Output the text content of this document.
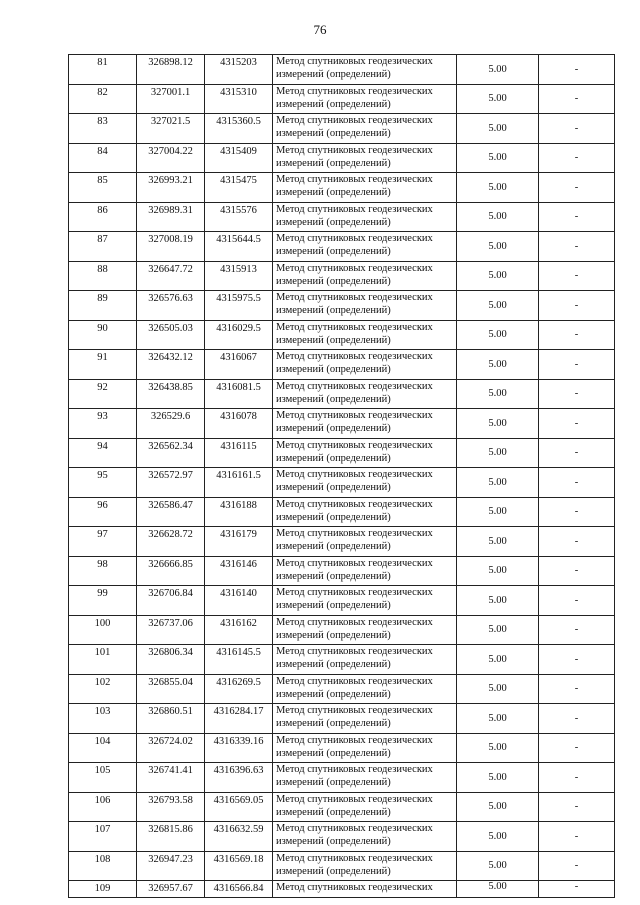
76
81	326898.12	4315203	Метод спутниковых геодезических
измерений (определений)	5.00	-
82	327001.1	4315310	Метод спутниковых геодезических
измерений (определений)	5.00	-
83	327021.5	4315360.5	Метод спутниковых геодезических
измерений (определений)	5.00	-
84	327004.22	4315409	Метод спутниковых геодезических
измерений (определений)	5.00	-
85	326993.21	4315475	Метод спутниковых геодезических
измерений (определений)	5.00	-
86	326989.31	4315576	Метод спутниковых геодезических
измерений (определений)	5.00	-
87	327008.19	4315644.5	Метод спутниковых геодезических
измерений (определений)	5.00	-
88	326647.72	4315913	Метод спутниковых геодезических
измерений (определений)	5.00	-
89	326576.63	4315975.5	Метод спутниковых геодезических
измерений (определений)	5.00	-
90	326505.03	4316029.5	Метод спутниковых геодезических
измерений (определений)	5.00	-
91	326432.12	4316067	Метод спутниковых геодезических
измерений (определений)	5.00	-
92	326438.85	4316081.5	Метод спутниковых геодезических
измерений (определений)	5.00	-
93	326529.6	4316078	Метод спутниковых геодезических
измерений (определений)	5.00	-
94	326562.34	4316115	Метод спутниковых геодезических
измерений (определений)	5.00	-
95	326572.97	4316161.5	Метод спутниковых геодезических
измерений (определений)	5.00	-
96	326586.47	4316188	Метод спутниковых геодезических
измерений (определений)	5.00	-
97	326628.72	4316179	Метод спутниковых геодезических
измерений (определений)	5.00	-
98	326666.85	4316146	Метод спутниковых геодезических
измерений (определений)	5.00	-
99	326706.84	4316140	Метод спутниковых геодезических
измерений (определений)	5.00	-
100	326737.06	4316162	Метод спутниковых геодезических
измерений (определений)	5.00	-
101	326806.34	4316145.5	Метод спутниковых геодезических
измерений (определений)	5.00	-
102	326855.04	4316269.5	Метод спутниковых геодезических
измерений (определений)	5.00	-
103	326860.51	4316284.17	Метод спутниковых геодезических
измерений (определений)	5.00	-
104	326724.02	4316339.16	Метод спутниковых геодезических
измерений (определений)	5.00	-
105	326741.41	4316396.63	Метод спутниковых геодезических
измерений (определений)	5.00	-
106	326793.58	4316569.05	Метод спутниковых геодезических
измерений (определений)	5.00	-
107	326815.86	4316632.59	Метод спутниковых геодезических
измерений (определений)	5.00	-
108	326947.23	4316569.18	Метод спутниковых геодезических
измерений (определений)	5.00	-
109	326957.67	4316566.84	Метод спутниковых геодезических	5.00	-
